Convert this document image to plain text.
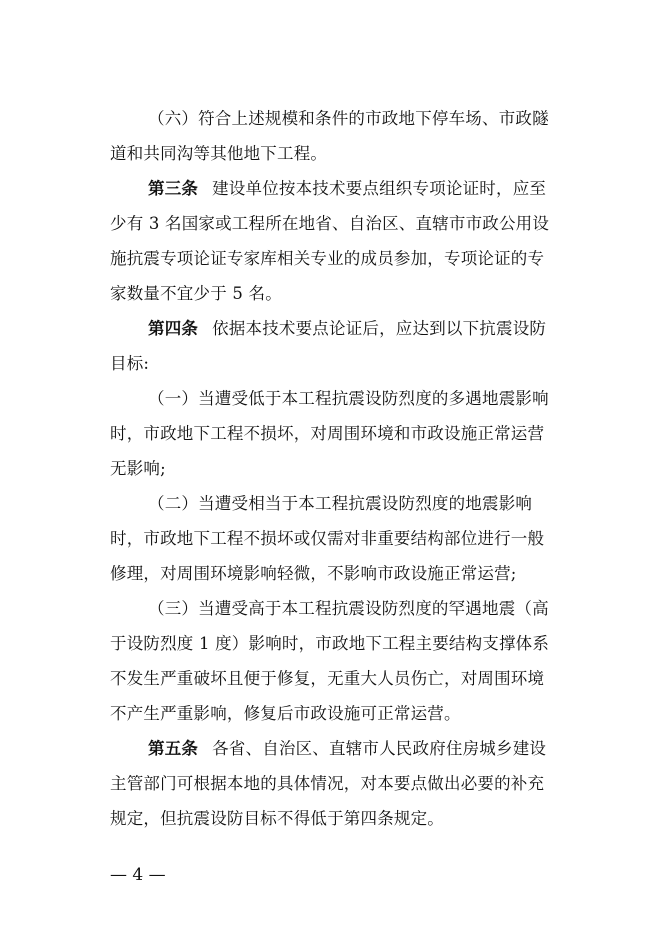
（六）符合上述规模和条件的市政地下停车场、市政隧
道和共同沟等其他地下工程。
第三条 建设单位按本技术要点组织专项论证时，应至
少有 3 名国家或工程所在地省、自治区、直辖市市政公用设
施抗震专项论证专家库相关专业的成员参加，专项论证的专
家数量不宜少于 5 名。
第四条 依据本技术要点论证后，应达到以下抗震设防
目标:
（一）当遭受低于本工程抗震设防烈度的多遇地震影响
时，市政地下工程不损坏，对周围环境和市政设施正常运营
无影响;
（二）当遭受相当于本工程抗震设防烈度的地震影响
时，市政地下工程不损坏或仅需对非重要结构部位进行一般
修理，对周围环境影响轻微，不影响市政设施正常运营;
（三）当遭受高于本工程抗震设防烈度的罕遇地震（高
于设防烈度 1 度）影响时，市政地下工程主要结构支撑体系
不发生严重破坏且便于修复，无重大人员伤亡，对周围环境
不产生严重影响，修复后市政设施可正常运营。
第五条 各省、自治区、直辖市人民政府住房城乡建设
主管部门可根据本地的具体情况，对本要点做出必要的补充
规定，但抗震设防目标不得低于第四条规定。
— 4 —
